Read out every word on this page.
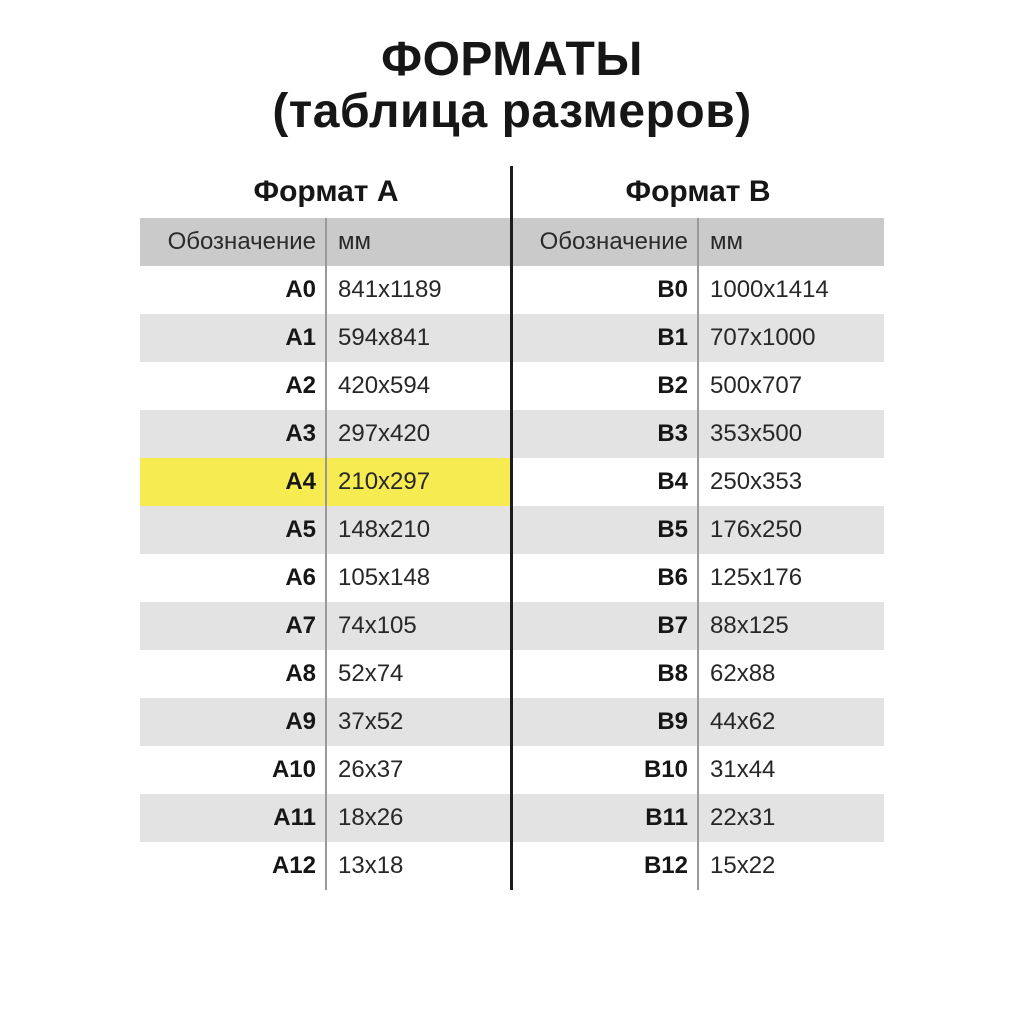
ФОРМАТЫ
(таблица размеров)
Формат A	Формат B
Обозначение мм
A0 841x1189
A1 594x841
A2 420x594
A3 297x420
A4 210x297
A5 148x210
A6 105x148
A7 74x105
A8 52x74
A9 37x52
A10 26x37
A11 18x26
A12 13x18
Обозначение мм
B0 1000x1414
B1 707x1000
B2 500x707
B3 353x500
B4 250x353
B5 176x250
B6 125x176
B7 88x125
B8 62x88
B9 44x62
B10 31x44
B11 22x31
B12 15x22
